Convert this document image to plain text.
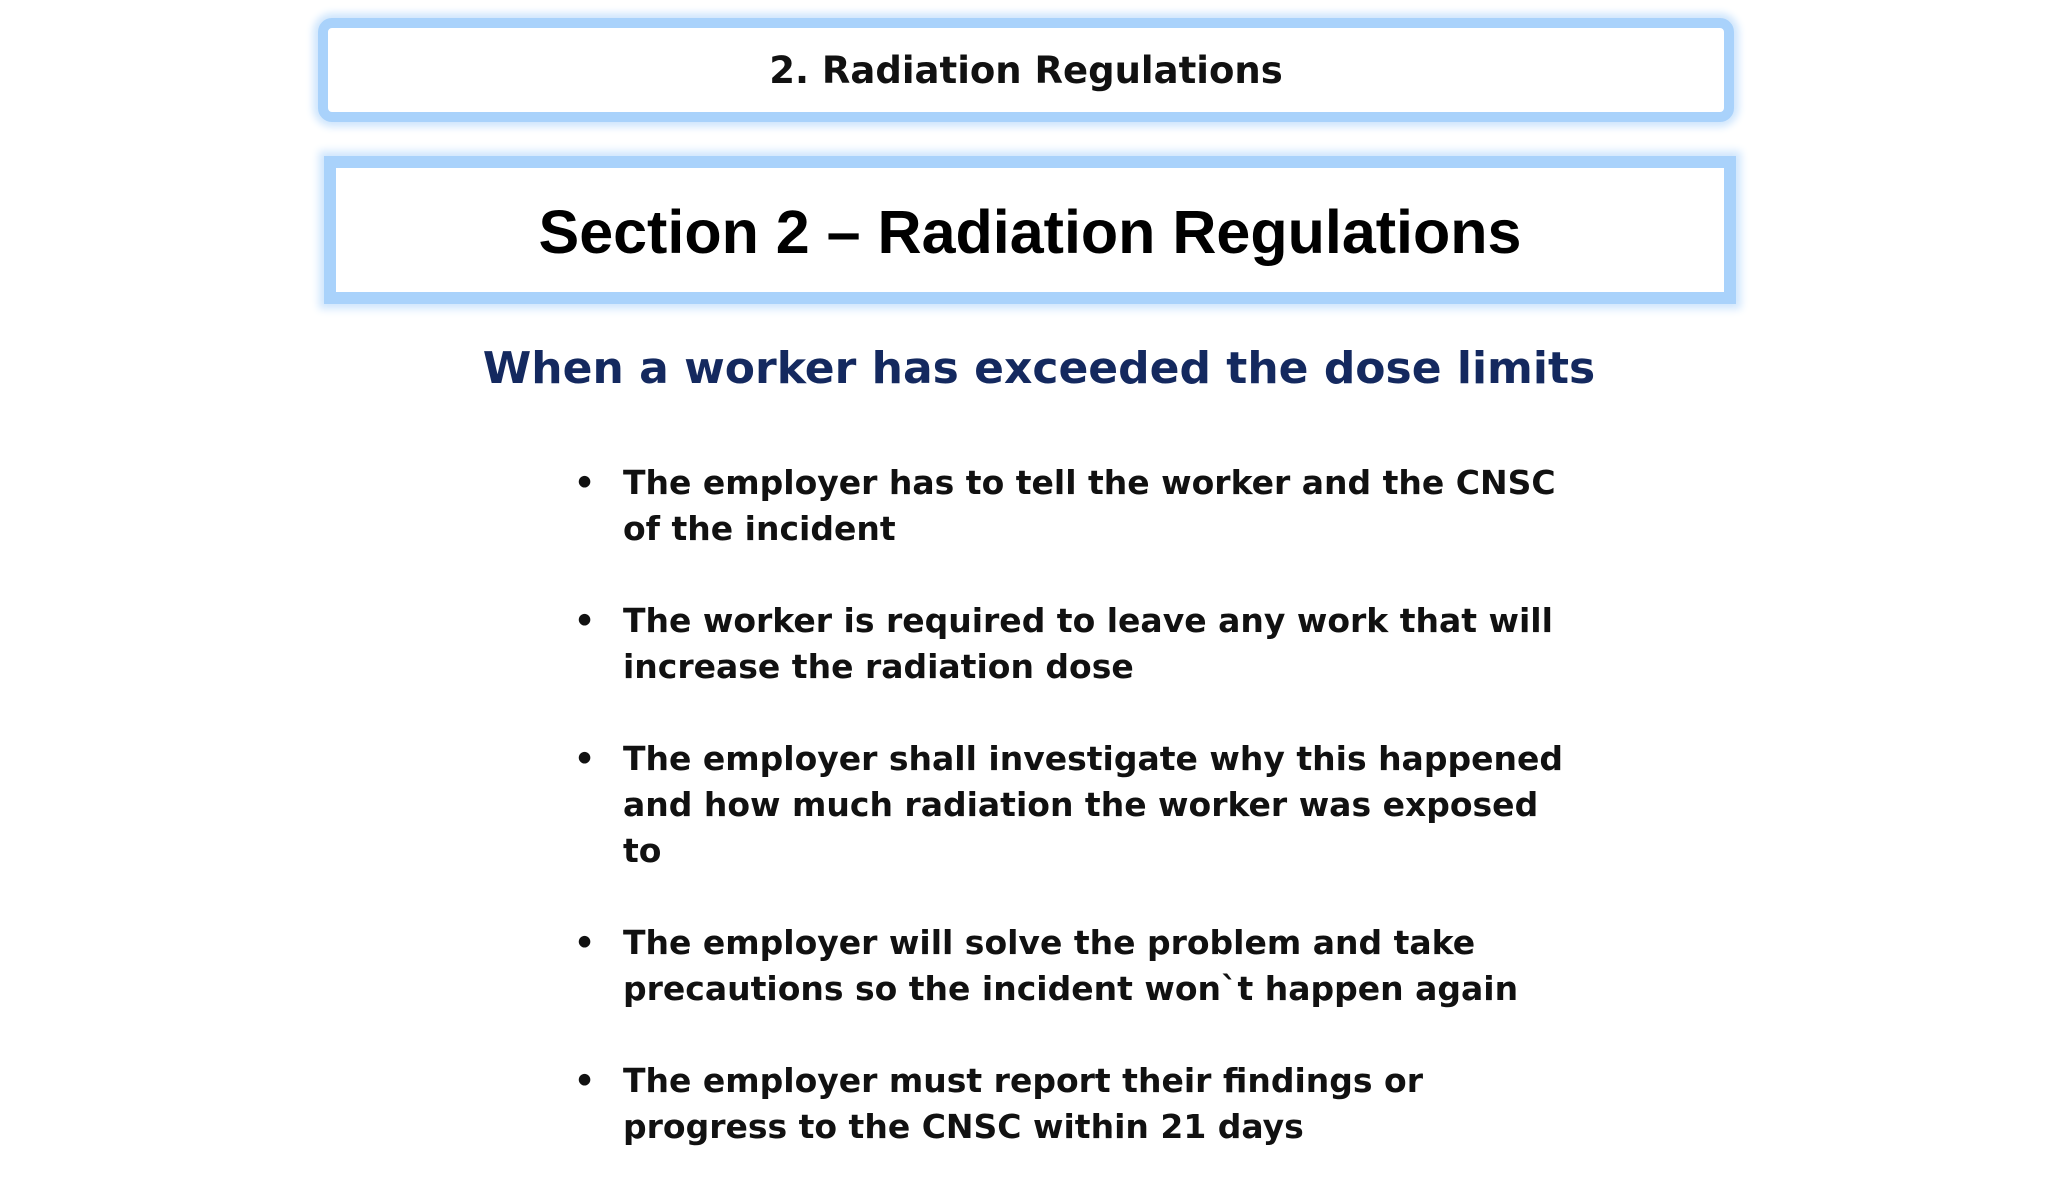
2. Radiation Regulations
Section 2 – Radiation Regulations
When a worker has exceeded the dose limits
• The employer has to tell the worker and the CNSC of the incident
• The worker is required to leave any work that will increase the radiation dose
• The employer shall investigate why this happened and how much radiation the worker was exposed to
• The employer will solve the problem and take precautions so the incident won`t happen again
• The employer must report their findings or progress to the CNSC within 21 days
